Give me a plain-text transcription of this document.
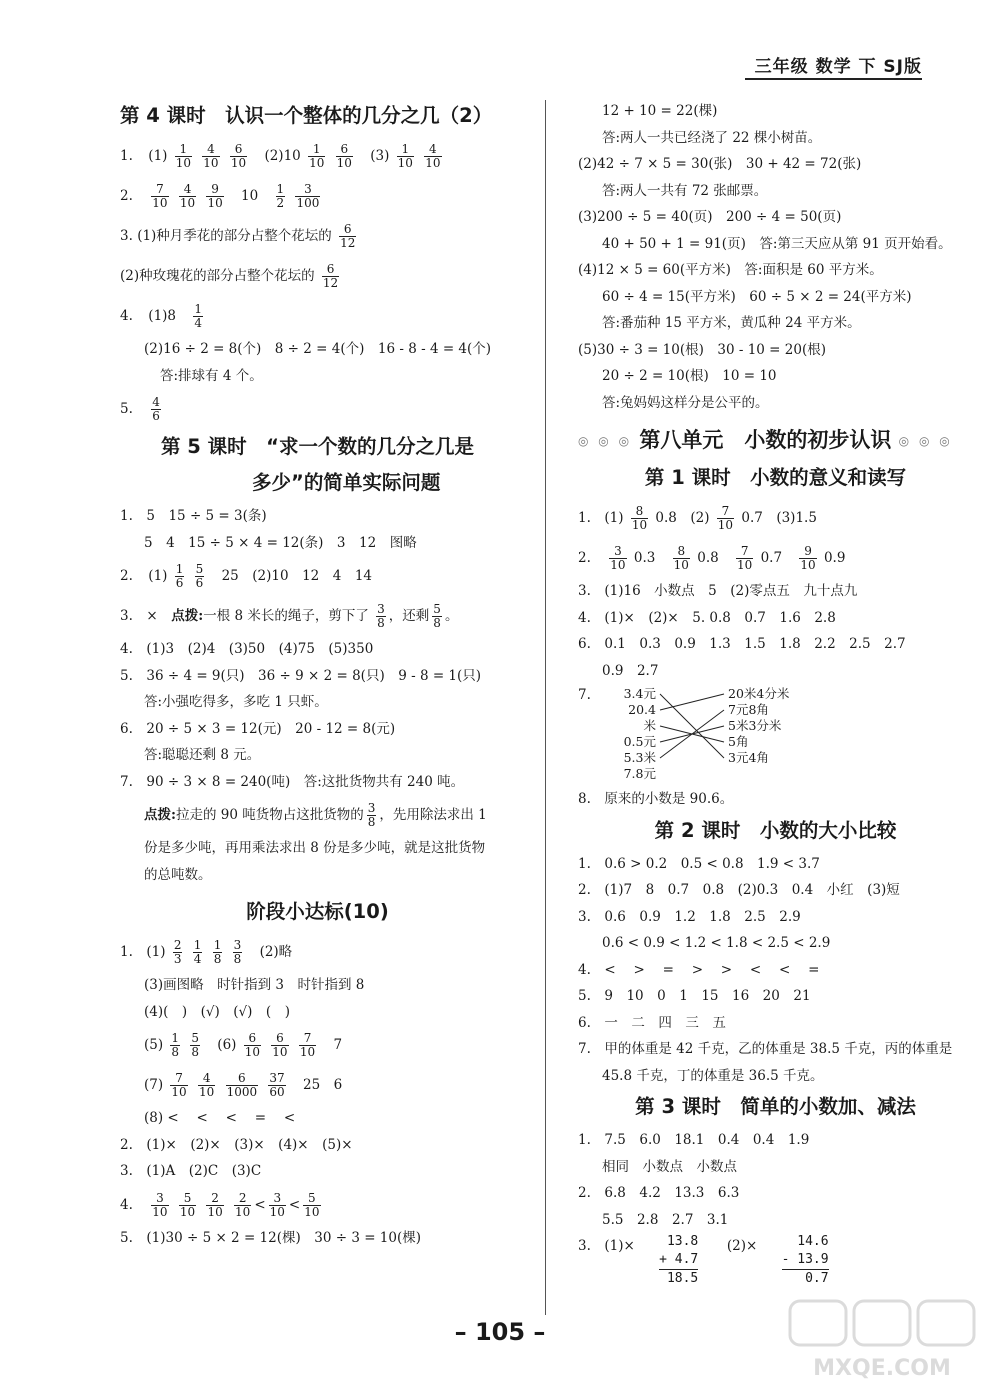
三年级 数学 下 SJ版
第 4 课时　认识一个整体的几分之几（2）
1. $(1) \frac{1}{10}$
$\frac{4}{10}$
$\frac{6}{10} (2)10 \frac{1}{10}$
$\frac{6}{10} (3) \frac{1}{10}$
$\frac{4}{10}$
2. $\frac{7}{10}$
$\frac{4}{10}$
$\frac{9}{10} 10 \frac{1}{2}$
$\frac{3}{100}$
3. (1)种月季花的部分占整个花坛的 $\frac{6}{12}$
(2)种玫瑰花的部分占整个花坛的 $\frac{6}{12}$
4. $(1)8 \frac{1}{4}$
(2)16 ÷ 2 = 8(个)　8 ÷ 2 = 4(个)　16 - 8 - 4 = 4(个)
答:排球有 4 个。
5. $\frac{4}{6}$
第 5 课时　“求一个数的几分之几是
多少”的简单实际问题
1.　5　15 ÷ 5 = 3(条)
5　4　15 ÷ 5 × 4 = 12(条)　3　12　图略
2. $(1) \frac{1}{6}$
$\frac{5}{6} 25$　(2)10　12　4　14
3.　×　点拨:一根 8 米长的绳子，剪下了 $\frac{3}{8}$ ，还剩 $\frac{5}{8}$ 。
4.　(1)3　(2)4　(3)50　(4)75　(5)350
5.　36 ÷ 4 = 9(只)　36 ÷ 9 × 2 = 8(只)　9 - 8 = 1(只)
答:小强吃得多，多吃 1 只虾。
6.　20 ÷ 5 × 3 = 12(元)　20 - 12 = 8(元)
答:聪聪还剩 8 元。
7.　90 ÷ 3 × 8 = 240(吨)　答:这批货物共有 240 吨。
点拨:拉走的 90 吨货物占这批货物的 $\frac{3}{8}$ ，先用除法求出 1
份是多少吨，再用乘法求出 8 份是多少吨，就是这批货物
的总吨数。
阶段小达标(10)
1.　$(1) \frac{2}{3}$
$\frac{1}{4}$
$\frac{1}{8}$
$\frac{3}{8} (2)$略
(3)画图略　时针指到 3　时针指到 8
(4)(　)　(√)　(√)　(　)
$(5) \frac{1}{8}$
$\frac{5}{8} (6) \frac{6}{10}$
$\frac{6}{10}$
$\frac{7}{10} 7$
$(7) \frac{7}{10}$
$\frac{4}{10}$
$\frac{6}{1000}$
$\frac{37}{60} 25$　6
(8) <　 <　 <　 =　 <
2.　(1)×　(2)×　(3)×　(4)×　(5)×
3.　(1)A　(2)C　(3)C
4. $\frac{3}{10}$
$\frac{5}{10}$
$\frac{2}{10}$
$\frac{2}{10} < \frac{3}{10} < \frac{5}{10}$
5.　(1)30 ÷ 5 × 2 = 12(棵)　30 ÷ 3 = 10(棵)
12 + 10 = 22(棵)
答:两人一共已经浇了 22 棵小树苗。
(2)42 ÷ 7 × 5 = 30(张)　30 + 42 = 72(张)
答:两人一共有 72 张邮票。
(3)200 ÷ 5 = 40(页)　200 ÷ 4 = 50(页)
40 + 50 + 1 = 91(页)　答:第三天应从第 91 页开始看。
(4)12 × 5 = 60(平方米)　答:面积是 60 平方米。
60 ÷ 4 = 15(平方米)　60 ÷ 5 × 2 = 24(平方米)
答:番茄种 15 平方米，黄瓜种 24 平方米。
(5)30 ÷ 3 = 10(根)　30 - 10 = 20(根)
20 ÷ 2 = 10(根)　10 = 10
答:兔妈妈这样分是公平的。
◎ ◎ ◎ 第八单元　小数的初步认识 ◎ ◎ ◎
第 1 课时　小数的意义和读写
1.　$(1) \frac{8}{10} 0.8$　$(2) \frac{7}{10} 0.7$　(3)1.5
2. $\frac{3}{10} 0.3 \frac{8}{10} 0.8 \frac{7}{10} 0.7 \frac{9}{10} 0.9$
3.　(1)16　小数点　5　(2)零点五　九十点九
4.　(1)×　(2)×　5. 0.8　0.7　1.6　2.8
6.　0.1　0.3　0.9　1.3　1.5　1.8　2.2　2.5　2.7
0.9　2.7
7.	3.4元
20.4米
0.5元
5.3米
7.8元
20米4分米
7元8角
5米3分米
5角
3元4角
8.　原来的小数是 90.6。
第 2 课时　小数的大小比较
1.　0.6 > 0.2　0.5 < 0.8　1.9 < 3.7
2.　(1)7　8　0.7　0.8　(2)0.3　0.4　小红　(3)短
3.　0.6　0.9　1.2　1.8　2.5　2.9
0.6 < 0.9 < 1.2 < 1.8 < 2.5 < 2.9
4.　<　 >　 =　 >　 >　 <　 <　 =
5.　9　10　0　1　15　16　20　21
6.　一　二　四　三　五
7.　甲的体重是 42 千克，乙的体重是 38.5 千克，丙的体重是
45.8 千克，丁的体重是 36.5 千克。
第 3 课时　简单的小数加、减法
1.　7.5　6.0　18.1　0.4　0.4　1.9
相同　小数点　小数点
2.　6.8　4.2　13.3　6.3
5.5　2.8　2.7　3.1
3.　(1)×	13.8
+ 4.7
18.5
(2)×	14.6
- 13.9
0.7
– 105 –
MXQE.COM
